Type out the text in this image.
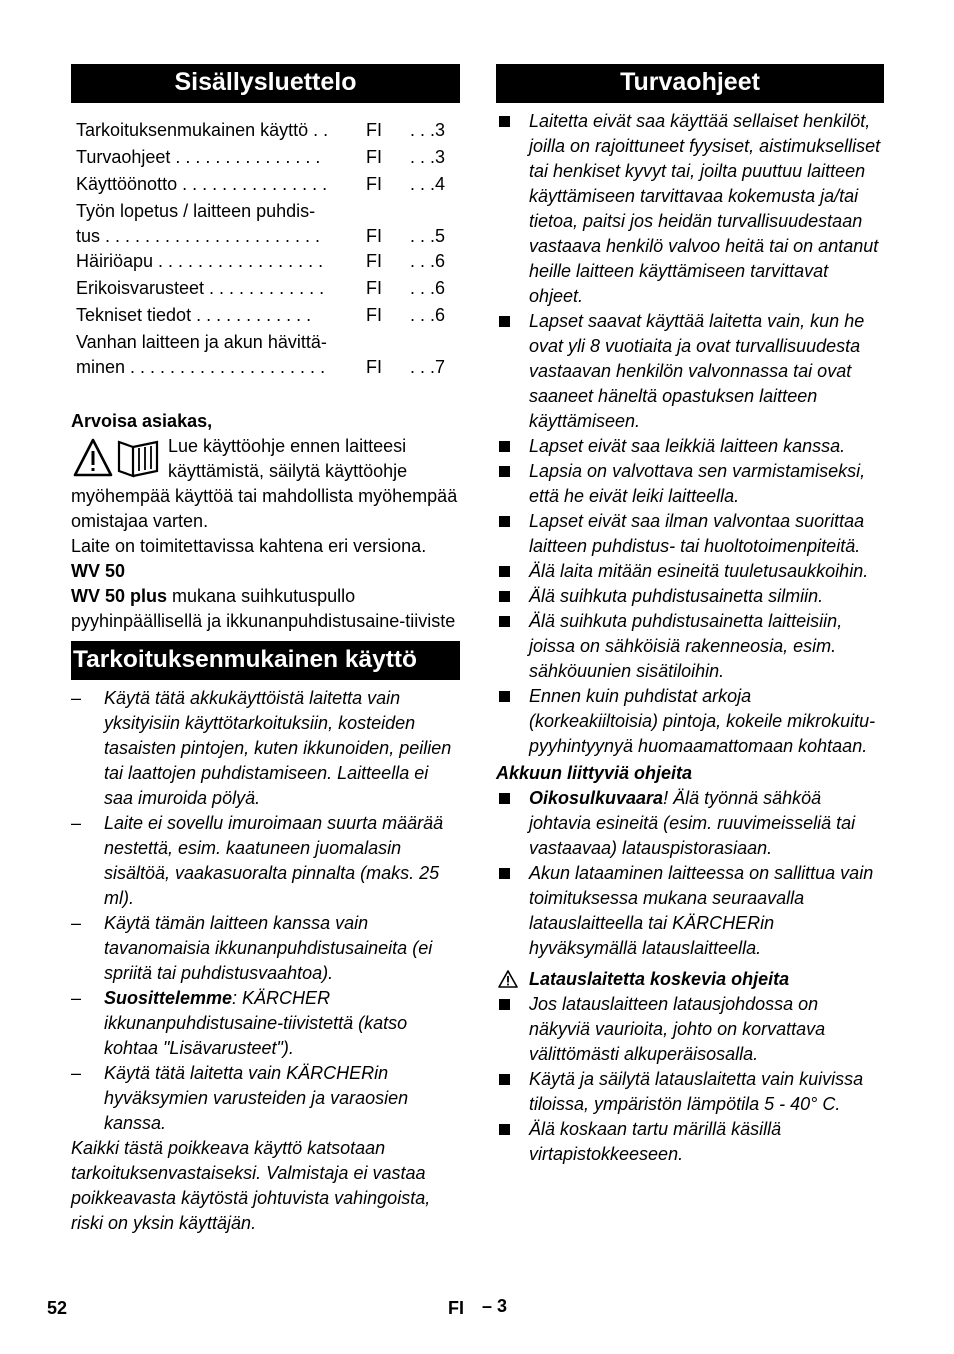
Sisällysluettelo
Tarkoituksenmukainen käyttö . .	FI . . .3
Turvaohjeet . . . . . . . . . . . . . . .	FI . . .3
Käyttöönotto . . . . . . . . . . . . . . .	FI . . .4
Työn lopetus / laitteen puhdis-
tus . . . . . . . . . . . . . . . . . . . . . .	FI . . .5
Häiriöapu . . . . . . . . . . . . . . . . .	FI . . .6
Erikoisvarusteet . . . . . . . . . . . .	FI . . .6
Tekniset tiedot . . . . . . . . . . . .	FI . . .6
Vanhan laitteen ja akun hävittä-
minen . . . . . . . . . . . . . . . . . . . .	FI . . .7
Arvoisa asiakas,
Lue käyttöohje ennen laitteesi käyttämistä, säilytä käyttöohje
myöhempää käyttöä tai mahdollista myöhempää omistajaa varten.
Laite on toimitettavissa kahtena eri versiona.
WV 50
WV 50 plus mukana suihkutuspullo pyyhinpäällisellä ja ikkunanpuhdistusaine-tiiviste
Tarkoituksenmukainen käyttö
– Käytä tätä akkukäyttöistä laitetta vain yksityisiin käyttötarkoituksiin, kosteiden tasaisten pintojen, kuten ikkunoiden, peilien tai laattojen puhdistamiseen. Laitteella ei saa imuroida pölyä.
– Laite ei sovellu imuroimaan suurta määrää nestettä, esim. kaatuneen juomalasin sisältöä, vaakasuoralta pinnalta (maks. 25 ml).
– Käytä tämän laitteen kanssa vain tavanomaisia ikkunanpuhdistusaineita (ei spriitä tai puhdistusvaahtoa).
– Suosittelemme: KÄRCHER ikkunanpuhdistusaine-tiivistettä (katso kohtaa "Lisävarusteet").
– Käytä tätä laitetta vain KÄRCHERin hyväksymien varusteiden ja varaosien kanssa.
Kaikki tästä poikkeava käyttö katsotaan tarkoituksenvastaiseksi. Valmistaja ei vastaa poikkeavasta käytöstä johtuvista vahingoista, riski on yksin käyttäjän.
Turvaohjeet
Laitetta eivät saa käyttää sellaiset henkilöt, joilla on rajoittuneet fyysiset, aistimukselliset tai henkiset kyvyt tai, joilta puuttuu laitteen käyttämiseen tarvittavaa kokemusta ja/tai tietoa, paitsi jos heidän turvallisuudestaan vastaava henkilö valvoo heitä tai on antanut heille laitteen käyttämiseen tarvittavat ohjeet.
Lapset saavat käyttää laitetta vain, kun he ovat yli 8 vuotiaita ja ovat turvallisuudesta vastaavan henkilön valvonnassa tai ovat saaneet häneltä opastuksen laitteen käyttämiseen.
Lapset eivät saa leikkiä laitteen kanssa.
Lapsia on valvottava sen varmistamiseksi, että he eivät leiki laitteella.
Lapset eivät saa ilman valvontaa suorittaa laitteen puhdistus- tai huoltotoimenpiteitä.
Älä laita mitään esineitä tuuletusaukkoihin.
Älä suihkuta puhdistusainetta silmiin.
Älä suihkuta puhdistusainetta laitteisiin, joissa on sähköisiä rakenneosia, esim. sähköuunien sisätiloihin.
Ennen kuin puhdistat arkoja (korkeakiiltoisia) pintoja, kokeile mikrokuitu-pyyhintyynyä huomaamattomaan kohtaan.
Akkuun liittyviä ohjeita
Oikosulkuvaara! Älä työnnä sähköä johtavia esineitä (esim. ruuvimeisseliä tai vastaavaa) latauspistorasiaan.
Akun lataaminen laitteessa on sallittua vain toimituksessa mukana seuraavalla latauslaitteella tai KÄRCHERin hyväksymällä latauslaitteella.
Latauslaitetta koskevia ohjeita
Jos latauslaitteen latausjohdossa on näkyviä vaurioita, johto on korvattava välittömästi alkuperäisosalla.
Käytä ja säilytä latauslaitetta vain kuivissa tiloissa, ympäristön lämpötila 5 - 40° C.
Älä koskaan tartu märillä käsillä virtapistokkeeseen.
52	FI – 3
